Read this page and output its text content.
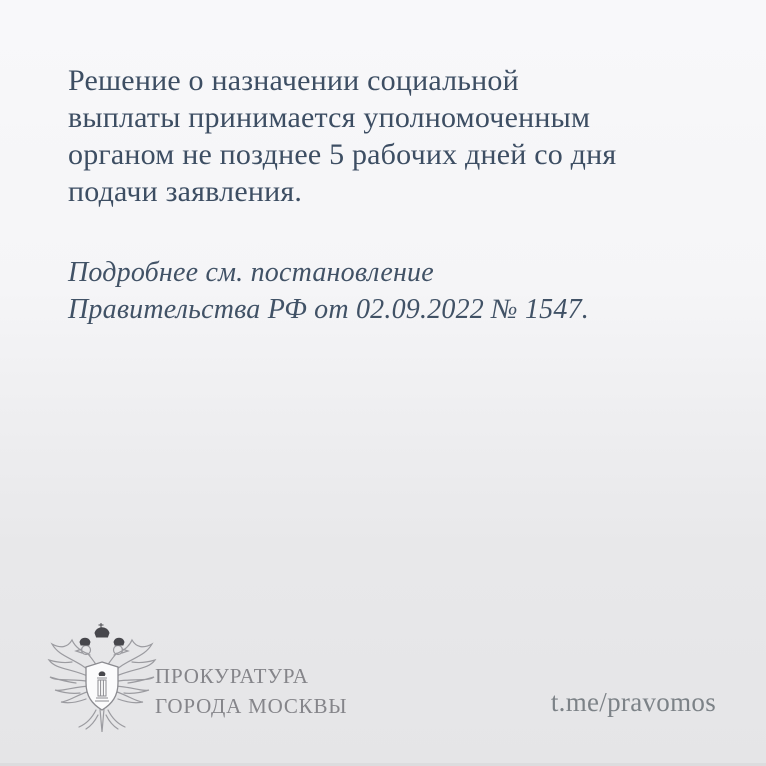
Решение о назначении социальной
выплаты принимается уполномоченным
органом не позднее 5 рабочих дней со дня
подачи заявления.
Подробнее см. постановление
Правительства РФ от 02.09.2022 № 1547.
ПРОКУРАТУРА
ГОРОДА МОСКВЫ	t.me/pravomos
